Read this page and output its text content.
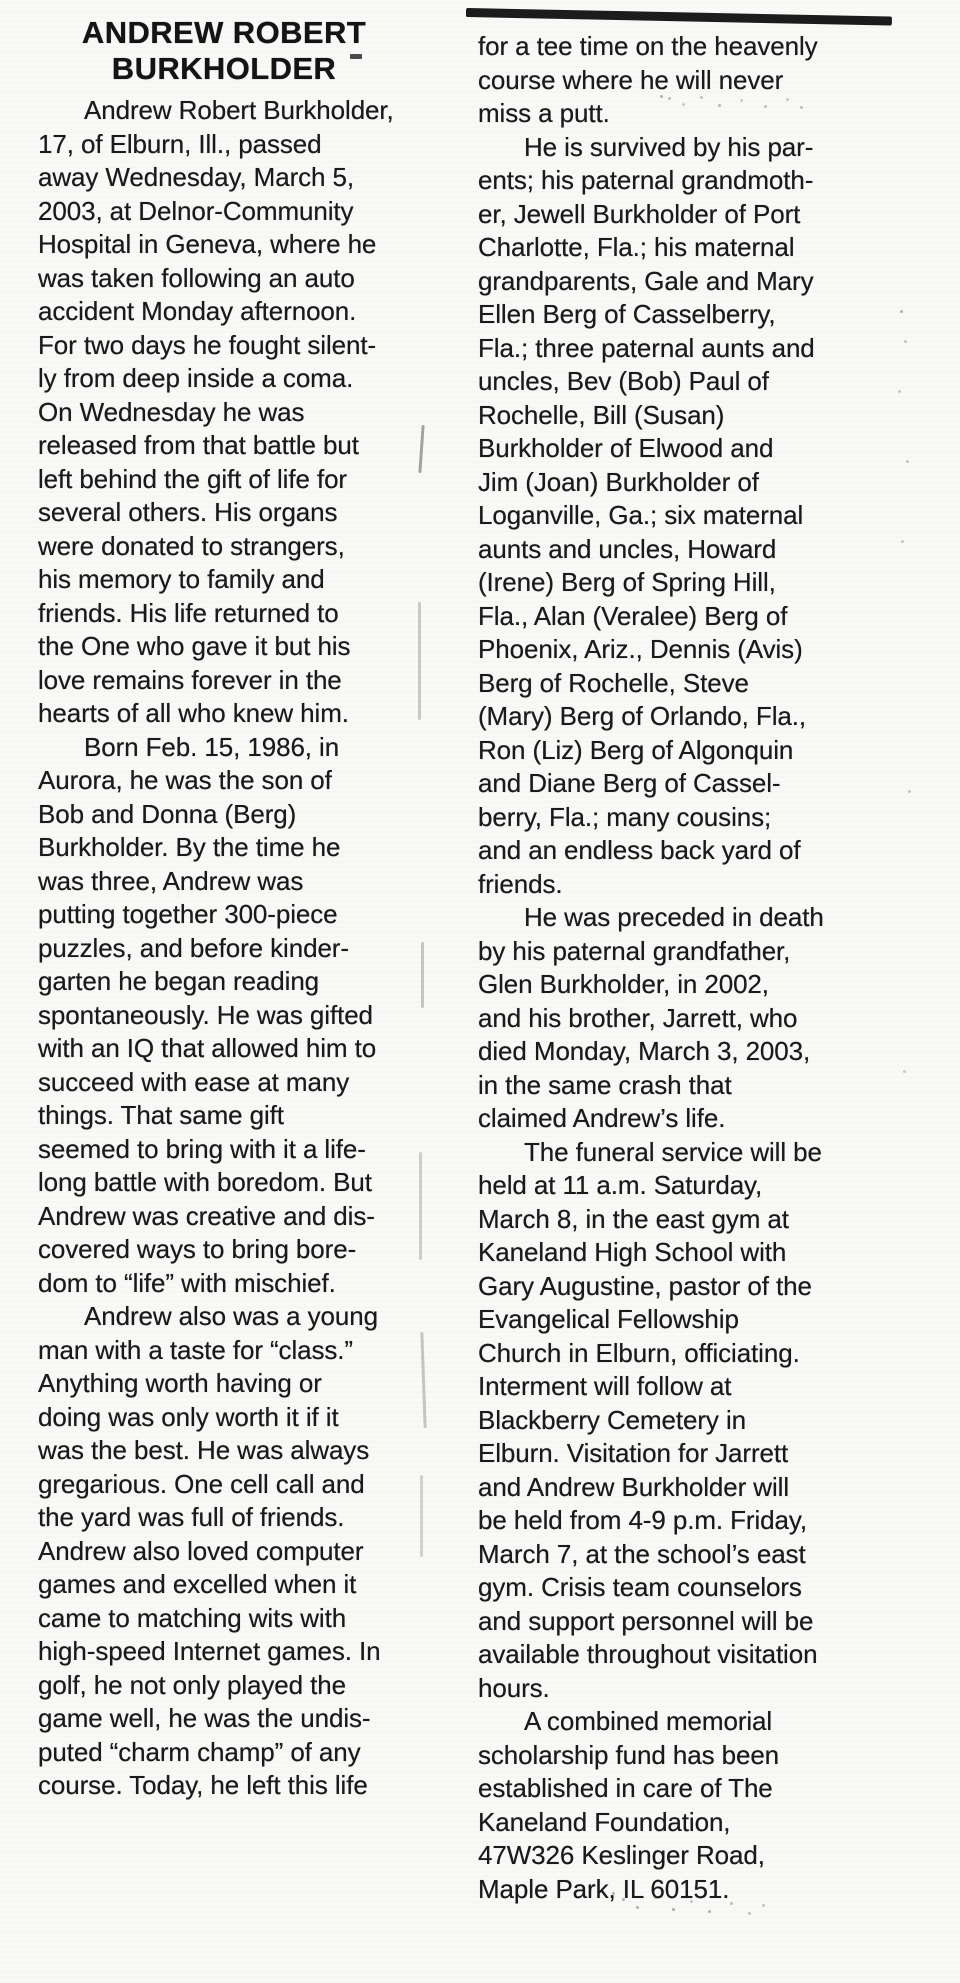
ANDREW ROBERT
BURKHOLDER
Andrew Robert Burkholder,
17, of Elburn, Ill., passed
away Wednesday, March 5,
2003, at Delnor-Community
Hospital in Geneva, where he
was taken following an auto
accident Monday afternoon.
For two days he fought silent-
ly from deep inside a coma.
On Wednesday he was
released from that battle but
left behind the gift of life for
several others. His organs
were donated to strangers,
his memory to family and
friends. His life returned to
the One who gave it but his
love remains forever in the
hearts of all who knew him.
Born Feb. 15, 1986, in
Aurora, he was the son of
Bob and Donna (Berg)
Burkholder. By the time he
was three, Andrew was
putting together 300-piece
puzzles, and before kinder-
garten he began reading
spontaneously. He was gifted
with an IQ that allowed him to
succeed with ease at many
things. That same gift
seemed to bring with it a life-
long battle with boredom. But
Andrew was creative and dis-
covered ways to bring bore-
dom to “life” with mischief.
Andrew also was a young
man with a taste for “class.”
Anything worth having or
doing was only worth it if it
was the best. He was always
gregarious. One cell call and
the yard was full of friends.
Andrew also loved computer
games and excelled when it
came to matching wits with
high-speed Internet games. In
golf, he not only played the
game well, he was the undis-
puted “charm champ” of any
course. Today, he left this life
for a tee time on the heavenly
course where he will never
miss a putt.
He is survived by his par-
ents; his paternal grandmoth-
er, Jewell Burkholder of Port
Charlotte, Fla.; his maternal
grandparents, Gale and Mary
Ellen Berg of Casselberry,
Fla.; three paternal aunts and
uncles, Bev (Bob) Paul of
Rochelle, Bill (Susan)
Burkholder of Elwood and
Jim (Joan) Burkholder of
Loganville, Ga.; six maternal
aunts and uncles, Howard
(Irene) Berg of Spring Hill,
Fla., Alan (Veralee) Berg of
Phoenix, Ariz., Dennis (Avis)
Berg of Rochelle, Steve
(Mary) Berg of Orlando, Fla.,
Ron (Liz) Berg of Algonquin
and Diane Berg of Cassel-
berry, Fla.; many cousins;
and an endless back yard of
friends.
He was preceded in death
by his paternal grandfather,
Glen Burkholder, in 2002,
and his brother, Jarrett, who
died Monday, March 3, 2003,
in the same crash that
claimed Andrew’s life.
The funeral service will be
held at 11 a.m. Saturday,
March 8, in the east gym at
Kaneland High School with
Gary Augustine, pastor of the
Evangelical Fellowship
Church in Elburn, officiating.
Interment will follow at
Blackberry Cemetery in
Elburn. Visitation for Jarrett
and Andrew Burkholder will
be held from 4-9 p.m. Friday,
March 7, at the school’s east
gym. Crisis team counselors
and support personnel will be
available throughout visitation
hours.
A combined memorial
scholarship fund has been
established in care of The
Kaneland Foundation,
47W326 Keslinger Road,
Maple Park, IL 60151.
